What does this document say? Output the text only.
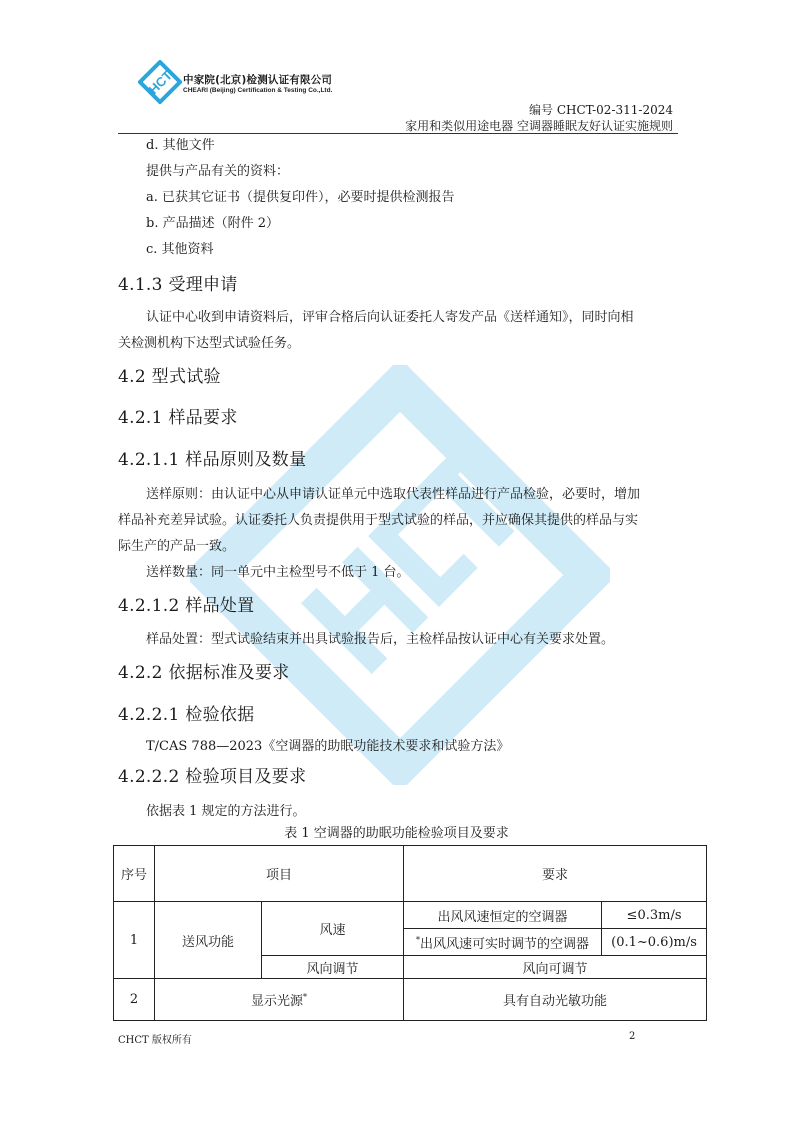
HCT 中家院(北京)检测认证有限公司
CHEARI (Beijing) Certification & Testing Co.,Ltd.
编号 CHCT-02-311-2024
家用和类似用途电器 空调器睡眠友好认证实施规则
d. 其他文件
提供与产品有关的资料：
a. 已获其它证书（提供复印件），必要时提供检测报告
b. 产品描述（附件 2）
c. 其他资料
4.1.3 受理申请
认证中心收到申请资料后，评审合格后向认证委托人寄发产品《送样通知》，同时向相
关检测机构下达型式试验任务。
4.2 型式试验
4.2.1 样品要求
4.2.1.1 样品原则及数量
送样原则：由认证中心从申请认证单元中选取代表性样品进行产品检验，必要时，增加
样品补充差异试验。认证委托人负责提供用于型式试验的样品，并应确保其提供的样品与实
际生产的产品一致。
送样数量：同一单元中主检型号不低于 1 台。
4.2.1.2 样品处置
样品处置：型式试验结束并出具试验报告后，主检样品按认证中心有关要求处置。
4.2.2 依据标准及要求
4.2.2.1 检验依据
T/CAS 788—2023《空调器的助眠功能技术要求和试验方法》
4.2.2.2 检验项目及要求
依据表 1 规定的方法进行。
表 1 空调器的助眠功能检验项目及要求
序号	项目		要求	
1	送风功能	风速	出风风速恒定的空调器	≤0.3m/s
			*出风风速可实时调节的空调器	(0.1~0.6)m/s
		风向调节	风向可调节	
2	显示光源*		具有自动光敏功能	
CHCT 版权所有	2
